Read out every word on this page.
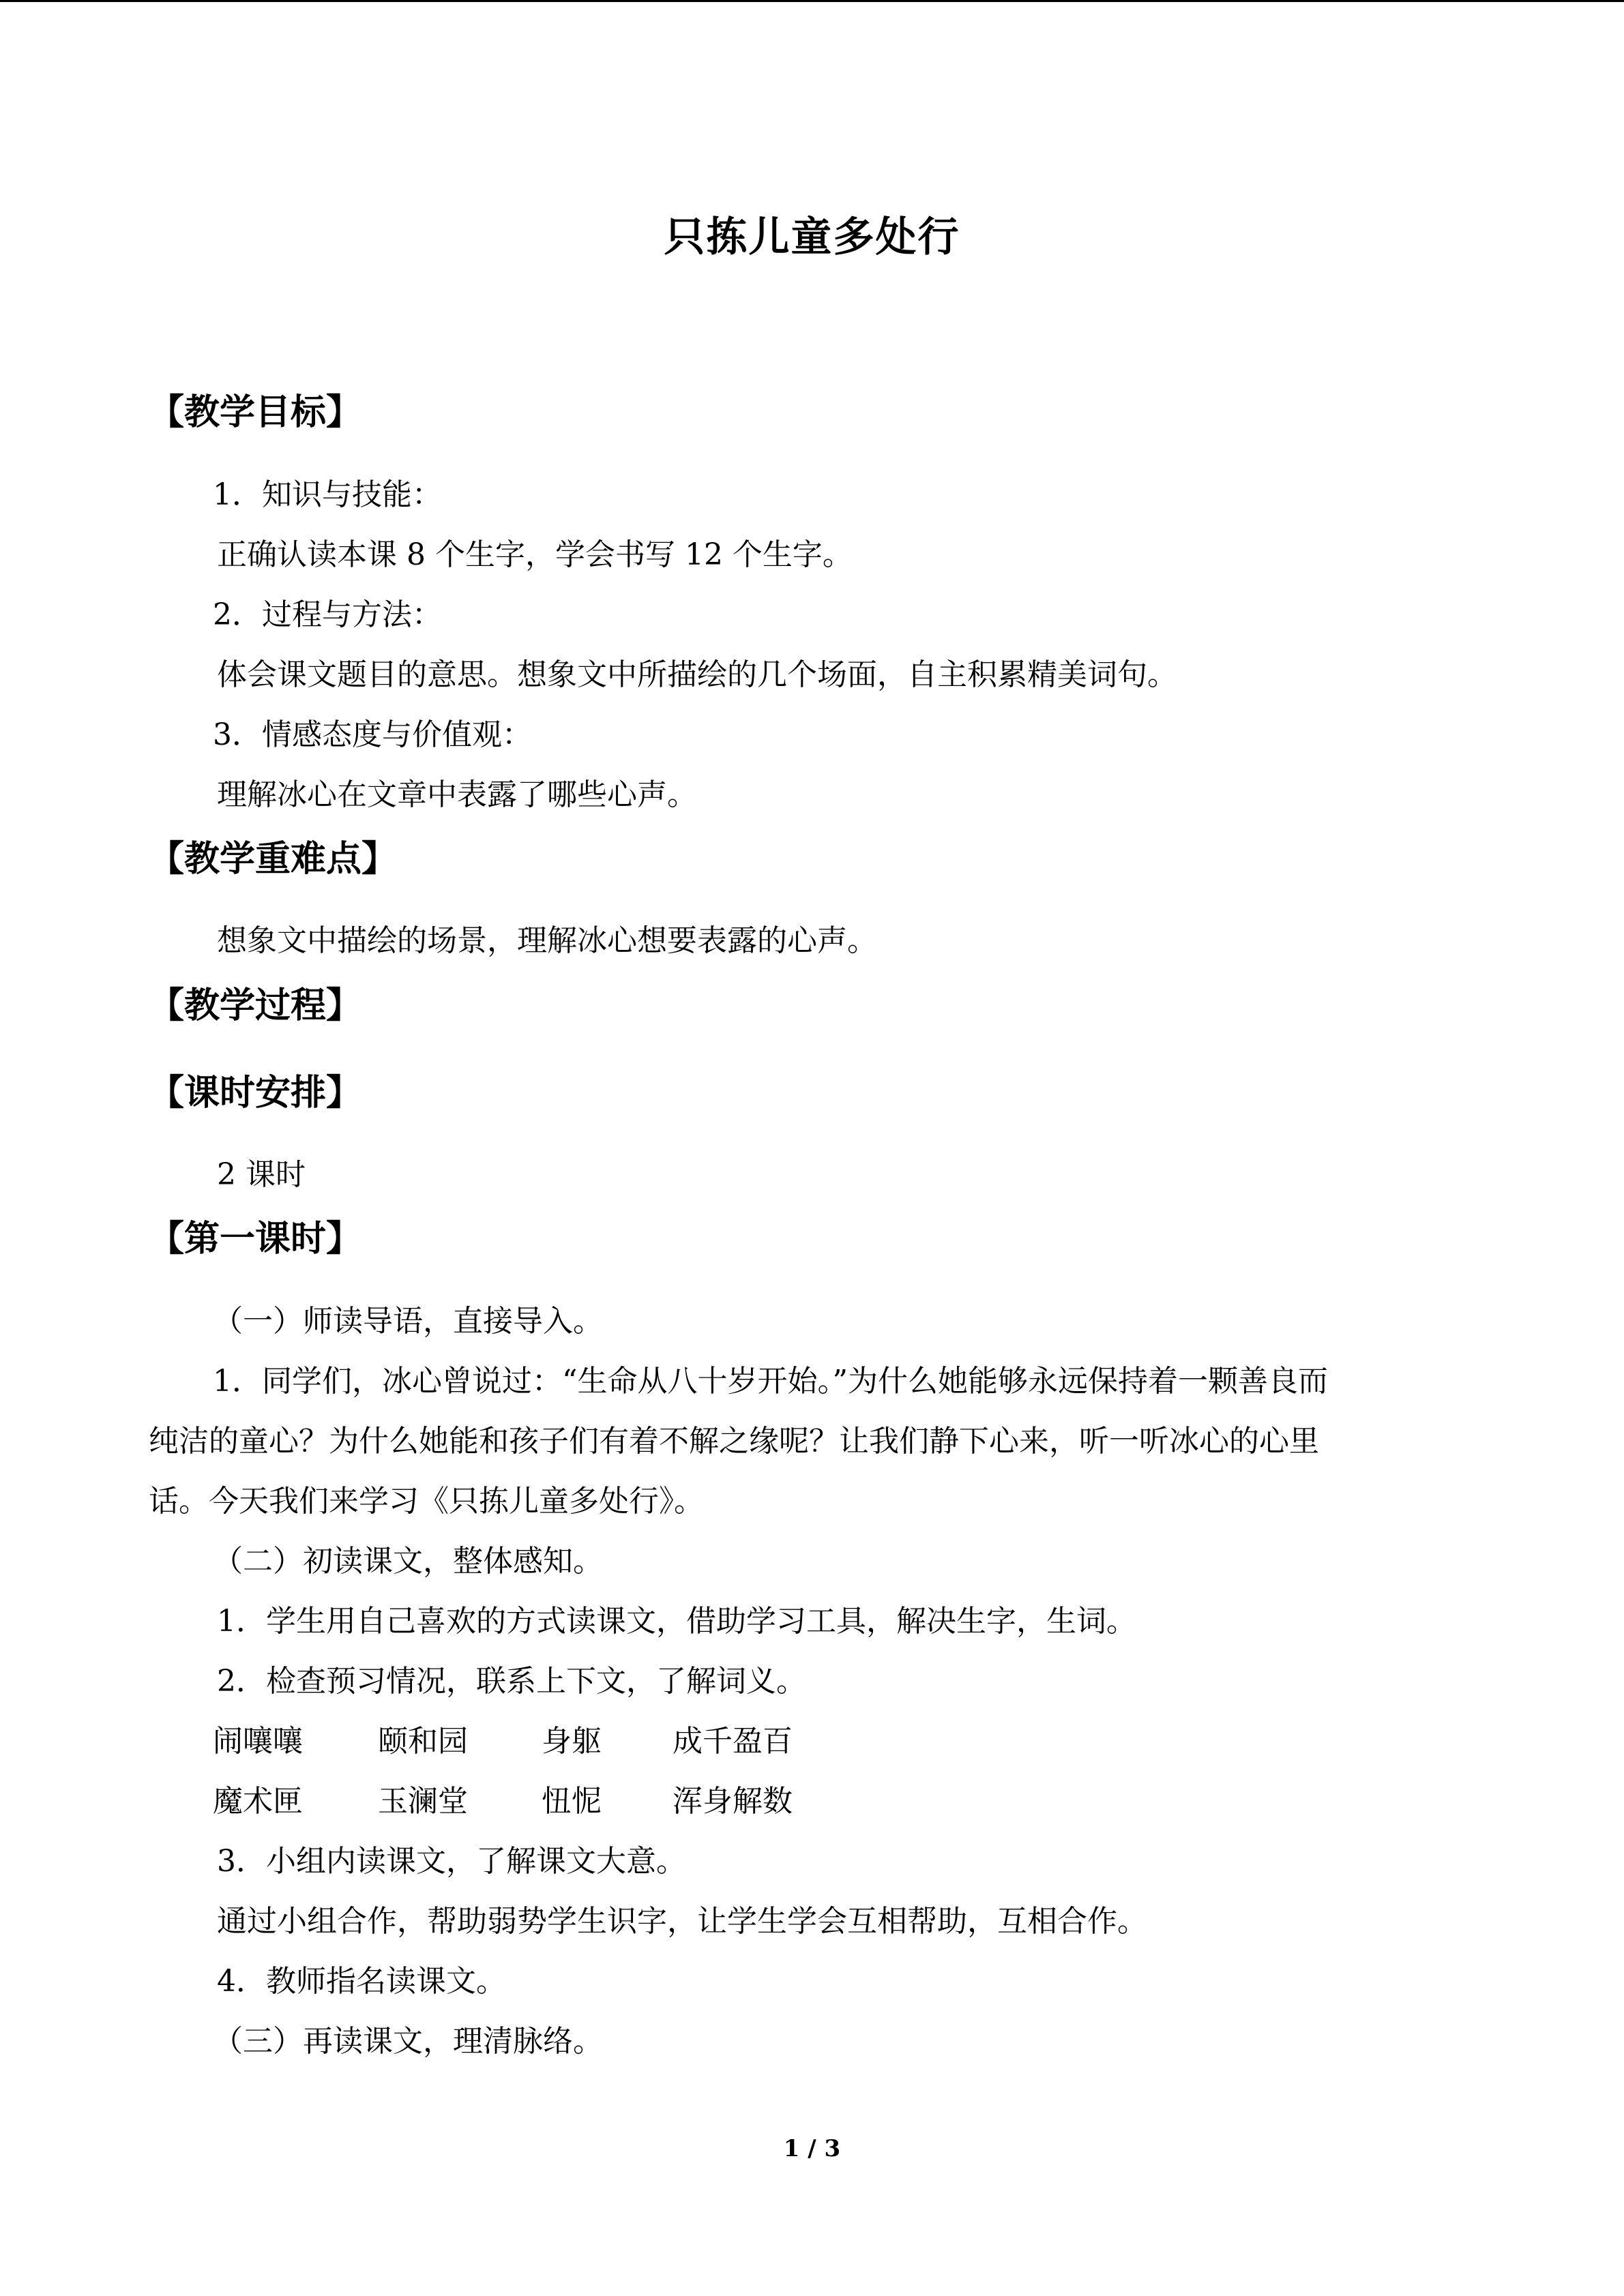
只拣儿童多处行
【教学目标】
1．知识与技能：
正确认读本课 8 个生字，学会书写 12 个生字。
2．过程与方法：
体会课文题目的意思。想象文中所描绘的几个场面，自主积累精美词句。
3．情感态度与价值观：
理解冰心在文章中表露了哪些心声。
【教学重难点】
想象文中描绘的场景，理解冰心想要表露的心声。
【教学过程】
【课时安排】
2 课时
【第一课时】
（一）师读导语，直接导入。
1．同学们，冰心曾说过：“生命从八十岁开始。”为什么她能够永远保持着一颗善良而
纯洁的童心？为什么她能和孩子们有着不解之缘呢？让我们静下心来，听一听冰心的心里
话。今天我们来学习《只拣儿童多处行》。
（二）初读课文，整体感知。
1．学生用自己喜欢的方式读课文，借助学习工具，解决生字，生词。
2．检查预习情况，联系上下文，了解词义。
闹嚷嚷	颐和园 身躯 成千盈百
魔术匣	玉澜堂 忸怩 浑身解数
3．小组内读课文，了解课文大意。
通过小组合作，帮助弱势学生识字，让学生学会互相帮助，互相合作。
4．教师指名读课文。
（三）再读课文，理清脉络。
1 / 3
